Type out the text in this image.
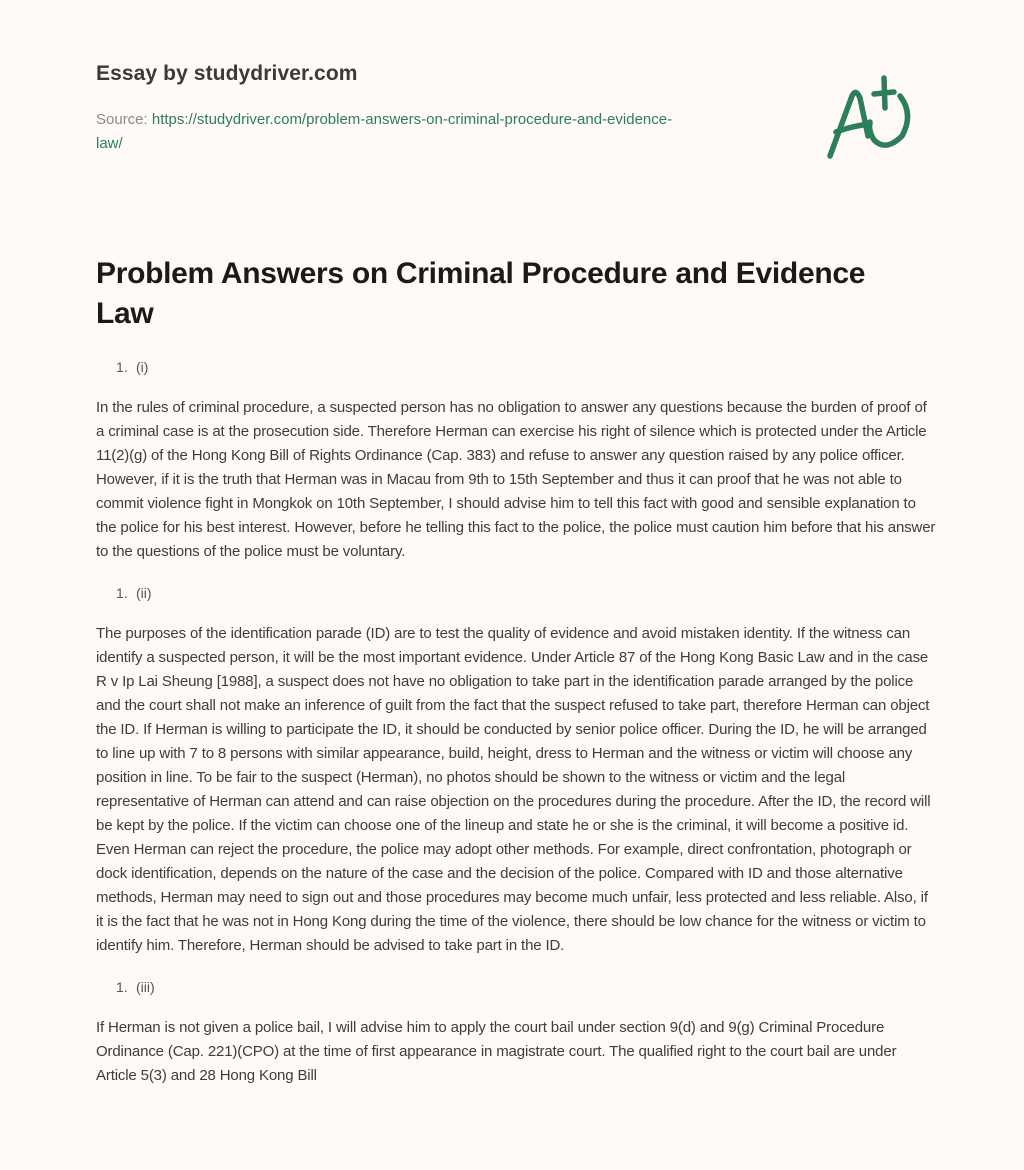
Essay by studydriver.com
Source: https://studydriver.com/problem-answers-on-criminal-procedure-and-evidence-
law/
Problem Answers on Criminal Procedure and Evidence Law
1. (i)

In the rules of criminal procedure, a suspected person has no obligation to answer any questions because the burden of proof of a criminal case is at the prosecution side. Therefore Herman can exercise his right of silence which is protected under the Article 11(2)(g) of the Hong Kong Bill of Rights Ordinance (Cap. 383) and refuse to answer any question raised by any police officer. However, if it is the truth that Herman was in Macau from 9th to 15th September and thus it can proof that he was not able to commit violence fight in Mongkok on 10th September, I should advise him to tell this fact with good and sensible explanation to the police for his best interest. However, before he telling this fact to the police, the police must caution him before that his answer to the questions of the police must be voluntary.

1. (ii)

The purposes of the identification parade (ID) are to test the quality of evidence and avoid mistaken identity. If the witness can identify a suspected person, it will be the most important evidence. Under Article 87 of the Hong Kong Basic Law and in the case R v Ip Lai Sheung [1988], a suspect does not have no obligation to take part in the identification parade arranged by the police and the court shall not make an inference of guilt from the fact that the suspect refused to take part, therefore Herman can object the ID. If Herman is willing to participate the ID, it should be conducted by senior police officer. During the ID, he will be arranged to line up with 7 to 8 persons with similar appearance, build, height, dress to Herman and the witness or victim will choose any position in line. To be fair to the suspect (Herman), no photos should be shown to the witness or victim and the legal representative of Herman can attend and can raise objection on the procedures during the procedure. After the ID, the record will be kept by the police. If the victim can choose one of the lineup and state he or she is the criminal, it will become a positive id. Even Herman can reject the procedure, the police may adopt other methods. For example, direct confrontation, photograph or dock identification, depends on the nature of the case and the decision of the police. Compared with ID and those alternative methods, Herman may need to sign out and those procedures may become much unfair, less protected and less reliable. Also, if it is the fact that he was not in Hong Kong during the time of the violence, there should be low chance for the witness or victim to identify him. Therefore, Herman should be advised to take part in the ID.

1. (iii)

If Herman is not given a police bail, I will advise him to apply the court bail under section 9(d) and 9(g) Criminal Procedure Ordinance (Cap. 221)(CPO) at the time of first appearance in magistrate court. The qualified right to the court bail are under Article 5(3) and 28 Hong Kong Bill
